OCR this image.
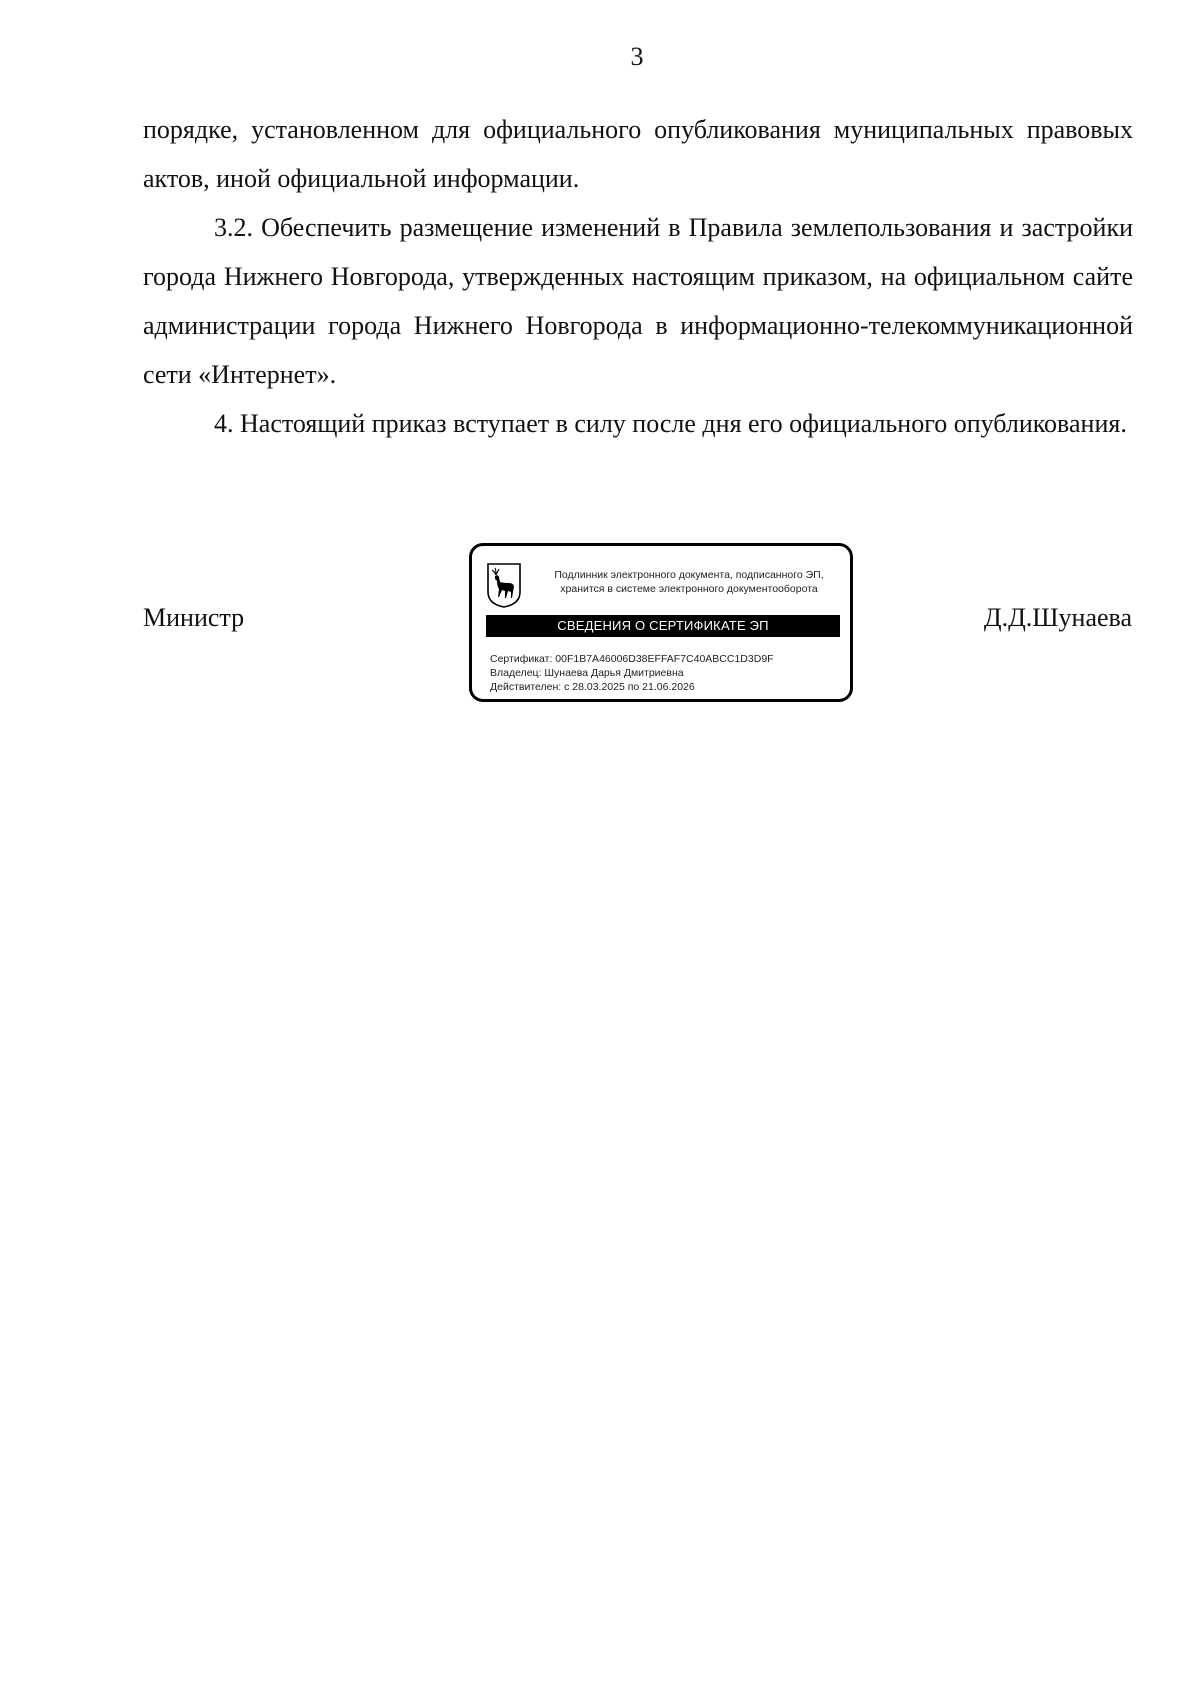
3

порядке, установленном для официального опубликования муниципальных правовых актов, иной официальной информации.

3.2. Обеспечить размещение изменений в Правила землепользования и застройки города Нижнего Новгорода, утвержденных настоящим приказом, на официальном сайте администрации города Нижнего Новгорода в информационно-телекоммуникационной сети «Интернет».

4. Настоящий приказ вступает в силу после дня его официального опубликования.

Министр	Д.Д.Шунаева
Подлинник электронного документа, подписанного ЭП,
хранится в системе электронного документооборота
СВЕДЕНИЯ О СЕРТИФИКАТЕ ЭП
Сертификат: 00F1B7A46006D38EFFAF7C40ABCC1D3D9F
Владелец: Шунаева Дарья Дмитриевна
Действителен: с 28.03.2025 по 21.06.2026
